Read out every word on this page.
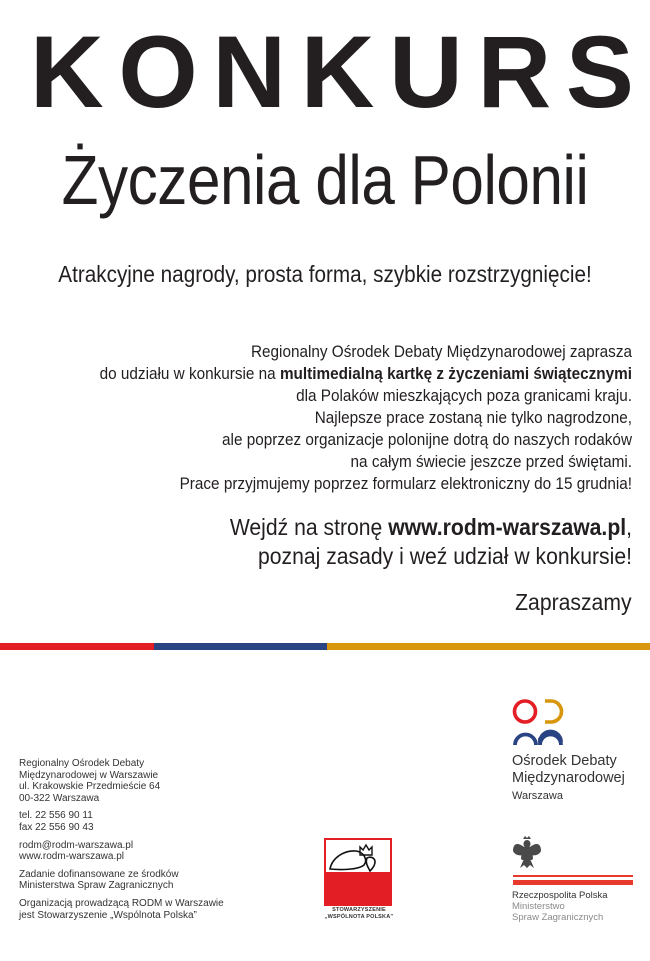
K O N K U R S
Życzenia dla Polonii
Atrakcyjne nagrody, prosta forma, szybkie rozstrzygnięcie!
Regionalny Ośrodek Debaty Międzynarodowej zaprasza
do udziału w konkursie na multimedialną kartkę z życzeniami świątecznymi
dla Polaków mieszkających poza granicami kraju.
Najlepsze prace zostaną nie tylko nagrodzone,
ale poprzez organizacje polonijne dotrą do naszych rodaków
na całym świecie jeszcze przed świętami.
Prace przyjmujemy poprzez formularz elektroniczny do 15 grudnia!
Wejdź na stronę www.rodm-warszawa.pl,
poznaj zasady i weź udział w konkursie!
Zapraszamy
Regionalny Ośrodek Debaty
Międzynarodowej w Warszawie
ul. Krakowskie Przedmieście 64
00-322 Warszawa
tel. 22 556 90 11
fax 22 556 90 43
rodm@rodm-warszawa.pl
www.rodm-warszawa.pl
Zadanie dofinansowane ze środków
Ministerstwa Spraw Zagranicznych
Organizacją prowadzącą RODM w Warszawie
jest Stowarzyszenie „Wspólnota Polska”
Ośrodek Debaty
Międzynarodowej
Warszawa
STOWARZYSZENIE
„WSPÓLNOTA POLSKA”
Rzeczpospolita Polska
Ministerstwo
Spraw Zagranicznych
